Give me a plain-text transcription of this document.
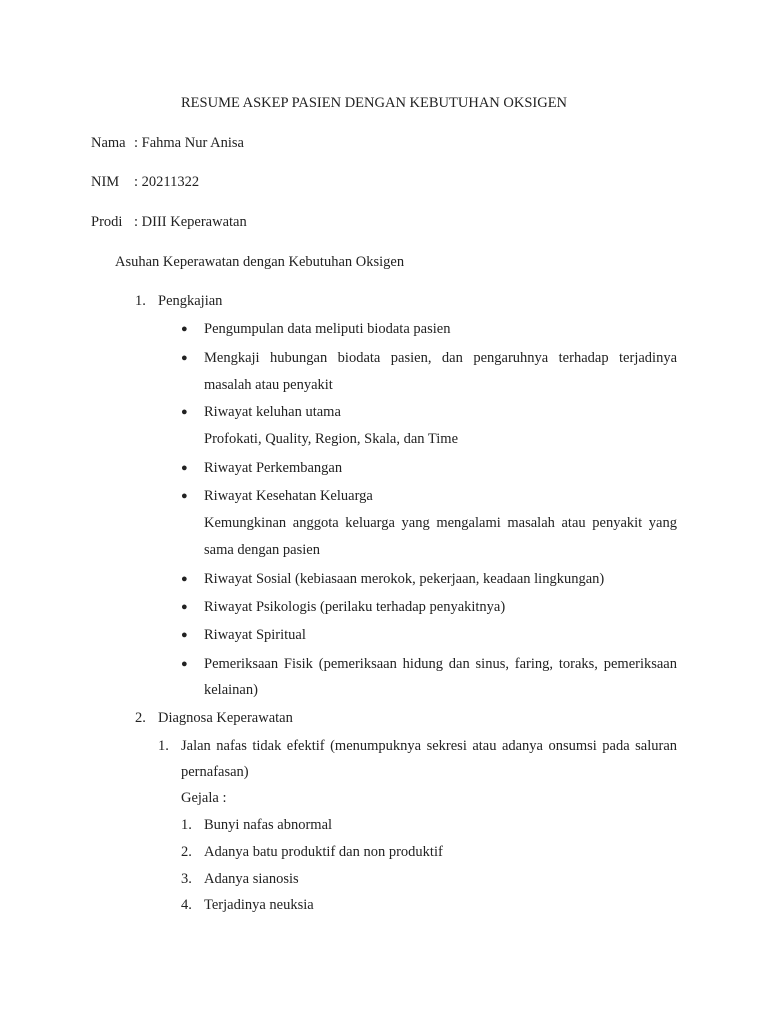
RESUME ASKEP PASIEN DENGAN KEBUTUHAN OKSIGEN
Nama : Fahma Nur Anisa
NIM : 20211322
Prodi : DIII Keperawatan
Asuhan Keperawatan dengan Kebutuhan Oksigen
1. Pengkajian
● Pengumpulan data meliputi biodata pasien
● Mengkaji hubungan biodata pasien, dan pengaruhnya terhadap terjadinya
masalah atau penyakit
● Riwayat keluhan utama
Profokati, Quality, Region, Skala, dan Time
● Riwayat Perkembangan
● Riwayat Kesehatan Keluarga
Kemungkinan anggota keluarga yang mengalami masalah atau penyakit yang
sama dengan pasien
● Riwayat Sosial (kebiasaan merokok, pekerjaan, keadaan lingkungan)
● Riwayat Psikologis (perilaku terhadap penyakitnya)
● Riwayat Spiritual
● Pemeriksaan Fisik (pemeriksaan hidung dan sinus, faring, toraks, pemeriksaan
kelainan)
2. Diagnosa Keperawatan
1. Jalan nafas tidak efektif (menumpuknya sekresi atau adanya onsumsi pada saluran
pernafasan)
Gejala :
1. Bunyi nafas abnormal
2. Adanya batu produktif dan non produktif
3. Adanya sianosis
4. Terjadinya neuksia
